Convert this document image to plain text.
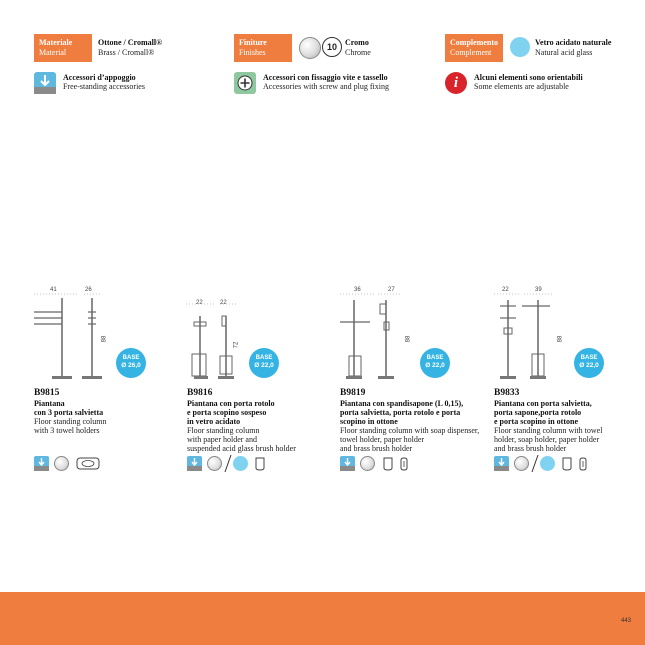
Materiale
Material
Ottone / Cromall®
Brass / Cromall®
Finiture
Finishes
10	Cromo
Chrome
Complemento
Complement
Vetro acidato naturale
Natural acid glass
Accessori d’appoggio
Free-standing accessories
Accessori con fissaggio vite e tassello
Accessories with screw and plug fixing	i	Alcuni elementi sono orientabili
Some elements are adjustable
41	26
88
BASE
Ø 26,0
B9815
Piantana
con 3 porta salvietta
Floor standing column
with 3 towel holders
22	22
72
BASE
Ø 22,0
B9816
Piantana con porta rotolo
e porta scopino sospeso
in vetro acidato
Floor standing column
with paper holder and
suspended acid glass brush holder
36	27
88
BASE
Ø 22,0
B9819
Piantana con spandisapone (L 0,15),
porta salvietta, porta rotolo e porta
scopino in ottone
Floor standing column with soap dispenser,
towel holder, paper holder
and brass brush holder
22	39
88
BASE
Ø 22,0
B9833
Piantana con porta salvietta,
porta sapone,porta rotolo
e porta scopino in ottone
Floor standing column with towel
holder, soap holder, paper holder
and brass brush holder
443
